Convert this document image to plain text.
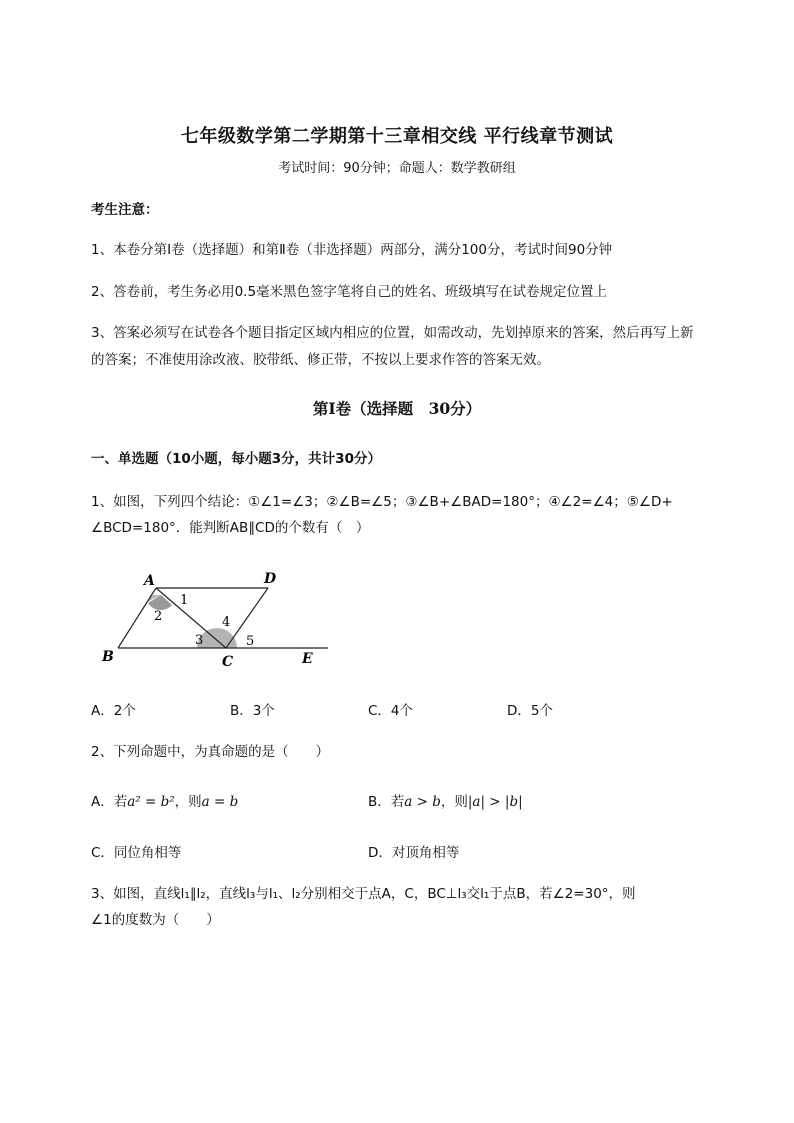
七年级数学第二学期第十三章相交线 平行线章节测试
考试时间：90分钟；命题人：数学教研组
考生注意：
1、本卷分第Ⅰ卷（选择题）和第Ⅱ卷（非选择题）两部分，满分100分，考试时间90分钟
2、答卷前，考生务必用0.5毫米黑色签字笔将自己的姓名、班级填写在试卷规定位置上
3、答案必须写在试卷各个题目指定区域内相应的位置，如需改动，先划掉原来的答案，然后再写上新
的答案；不准使用涂改液、胶带纸、修正带，不按以上要求作答的答案无效。
第Ⅰ卷（选择题　30分）
一、单选题（10小题，每小题3分，共计30分）
1、如图，下列四个结论：①∠1=∠3；②∠B=∠5；③∠B+∠BAD=180°；④∠2=∠4；⑤∠D+
∠BCD=180°．能判断AB∥CD的个数有（　）
A	D
B	C	E
1
2
3
4
5
A．2个	B．3个	C．4个	D．5个
2、下列命题中，为真命题的是（　　）
A．若a² = b²，则a = b	B．若a > b，则|a| > |b|
C．同位角相等	D．对顶角相等
3、如图，直线l₁∥l₂，直线l₃与l₁、l₂分别相交于点A，C，BC⊥l₃交l₁于点B，若∠2=30°，则
∠1的度数为（　　）
